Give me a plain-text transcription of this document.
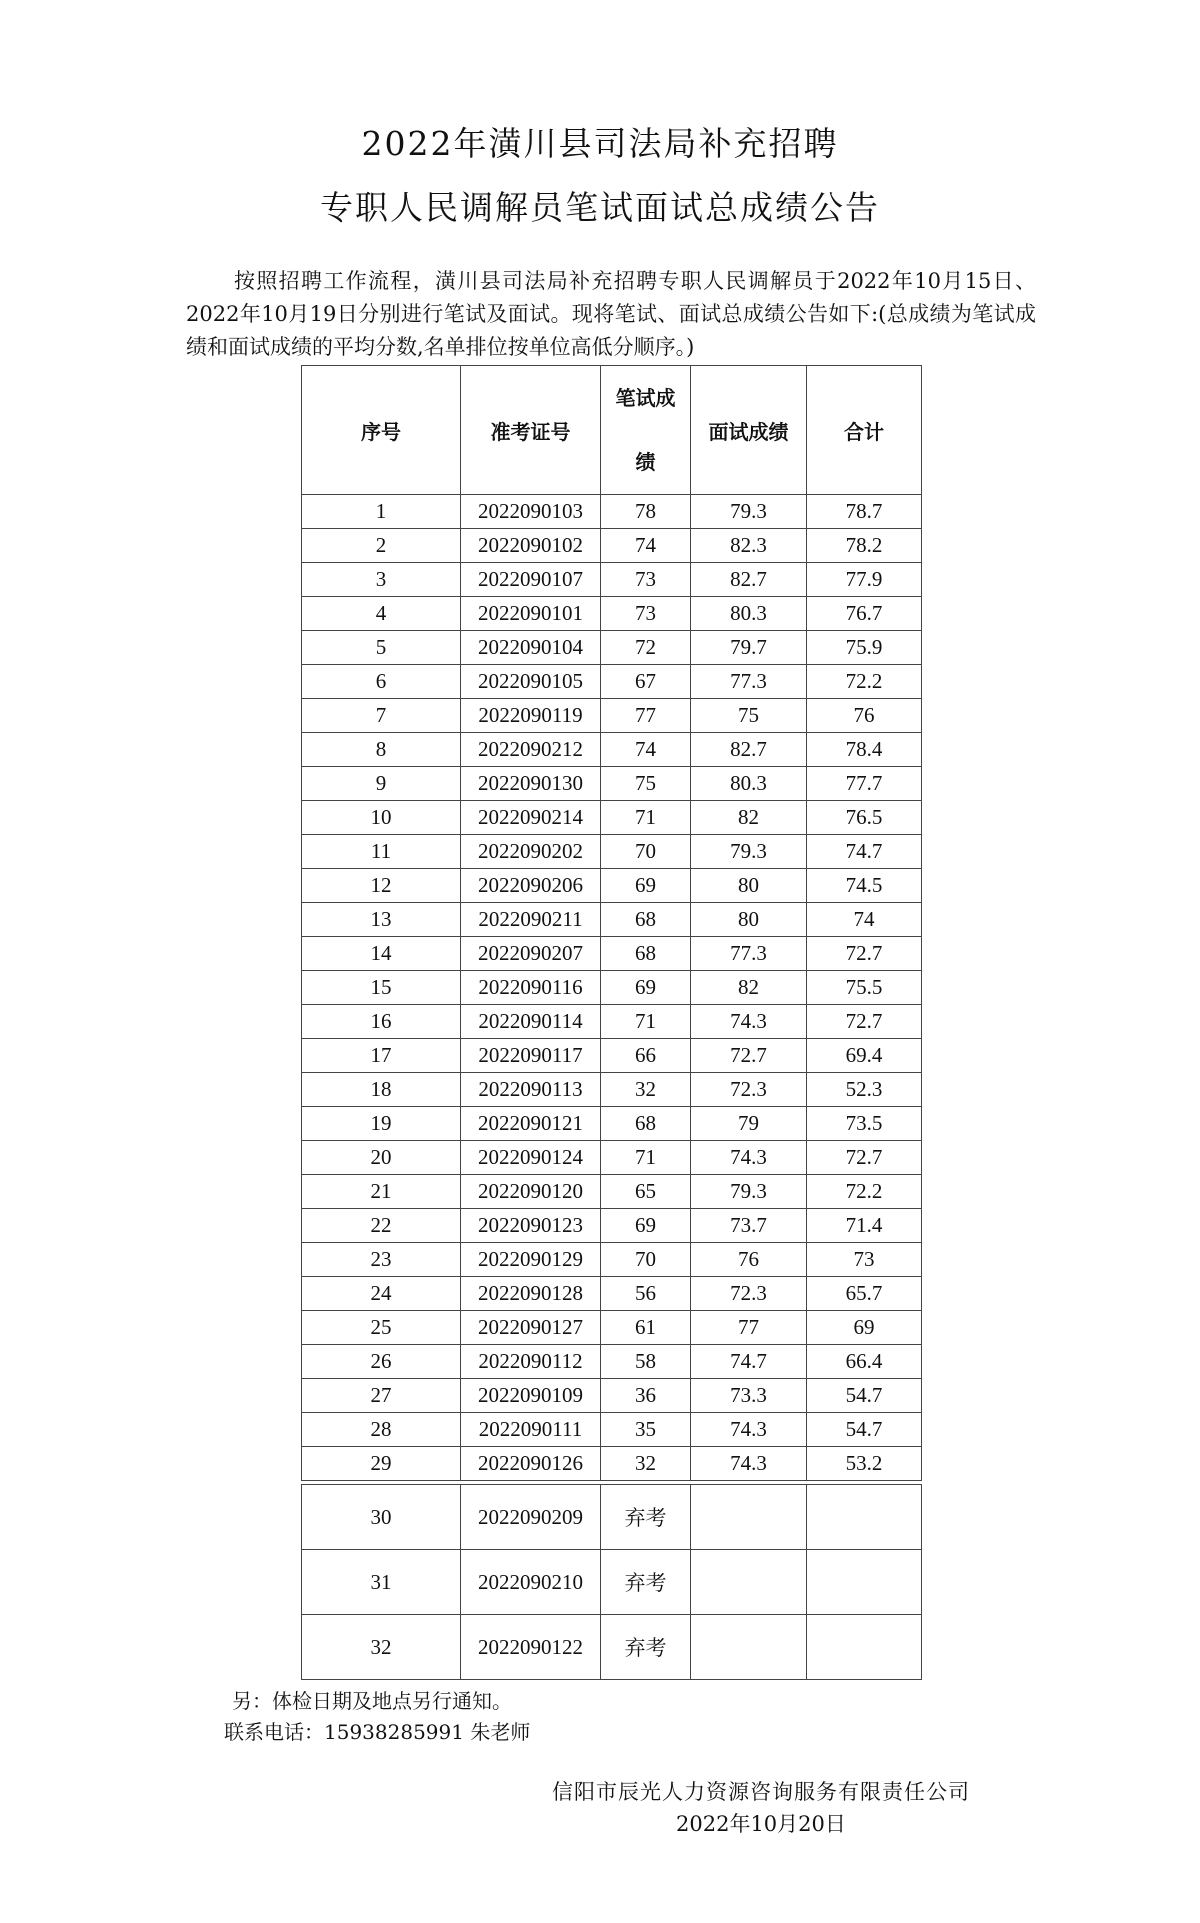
2022年潢川县司法局补充招聘
专职人民调解员笔试面试总成绩公告
按照招聘工作流程，潢川县司法局补充招聘专职人民调解员于2022年10月15日、2022年10月19日分别进行笔试及面试。现将笔试、面试总成绩公告如下:(总成绩为笔试成绩和面试成绩的平均分数,名单排位按单位高低分顺序。)
序号	准考证号	笔试成绩	面试成绩	合计
1	2022090103	78	79.3	78.7
2	2022090102	74	82.3	78.2
3	2022090107	73	82.7	77.9
4	2022090101	73	80.3	76.7
5	2022090104	72	79.7	75.9
6	2022090105	67	77.3	72.2
7	2022090119	77	75	76
8	2022090212	74	82.7	78.4
9	2022090130	75	80.3	77.7
10	2022090214	71	82	76.5
11	2022090202	70	79.3	74.7
12	2022090206	69	80	74.5
13	2022090211	68	80	74
14	2022090207	68	77.3	72.7
15	2022090116	69	82	75.5
16	2022090114	71	74.3	72.7
17	2022090117	66	72.7	69.4
18	2022090113	32	72.3	52.3
19	2022090121	68	79	73.5
20	2022090124	71	74.3	72.7
21	2022090120	65	79.3	72.2
22	2022090123	69	73.7	71.4
23	2022090129	70	76	73
24	2022090128	56	72.3	65.7
25	2022090127	61	77	69
26	2022090112	58	74.7	66.4
27	2022090109	36	73.3	54.7
28	2022090111	35	74.3	54.7
29	2022090126	32	74.3	53.2
30	2022090209	弃考		
31	2022090210	弃考		
32	2022090122	弃考		
另：体检日期及地点另行通知。
联系电话：15938285991 朱老师
信阳市辰光人力资源咨询服务有限责任公司
2022年10月20日
